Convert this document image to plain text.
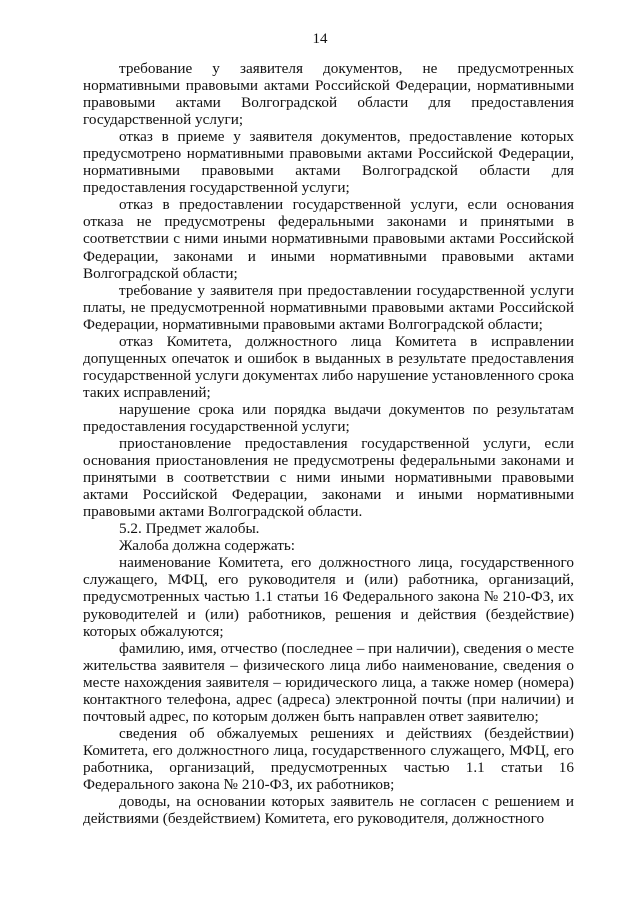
14

требование у заявителя документов, не предусмотренных нормативными правовыми актами Российской Федерации, нормативными правовыми актами Волгоградской области для предоставления государственной услуги;

отказ в приеме у заявителя документов, предоставление которых предусмотрено нормативными правовыми актами Российской Федерации, нормативными правовыми актами Волгоградской области для предоставления государственной услуги;

отказ в предоставлении государственной услуги, если основания отказа не предусмотрены федеральными законами и принятыми в соответствии с ними иными нормативными правовыми актами Российской Федерации, законами и иными нормативными правовыми актами Волгоградской области;

требование у заявителя при предоставлении государственной услуги платы, не предусмотренной нормативными правовыми актами Российской Федерации, нормативными правовыми актами Волгоградской области;

отказ Комитета, должностного лица Комитета в исправлении допущенных опечаток и ошибок в выданных в результате предоставления государственной услуги документах либо нарушение установленного срока таких исправлений;

нарушение срока или порядка выдачи документов по результатам предоставления государственной услуги;

приостановление предоставления государственной услуги, если основания приостановления не предусмотрены федеральными законами и принятыми в соответствии с ними иными нормативными правовыми актами Российской Федерации, законами и иными нормативными правовыми актами Волгоградской области.

5.2. Предмет жалобы.

Жалоба должна содержать:

наименование Комитета, его должностного лица, государственного служащего, МФЦ, его руководителя и (или) работника, организаций, предусмотренных частью 1.1 статьи 16 Федерального закона № 210-ФЗ, их руководителей и (или) работников, решения и действия (бездействие) которых обжалуются;

фамилию, имя, отчество (последнее – при наличии), сведения о месте жительства заявителя – физического лица либо наименование, сведения о месте нахождения заявителя – юридического лица, а также номер (номера) контактного телефона, адрес (адреса) электронной почты (при наличии) и почтовый адрес, по которым должен быть направлен ответ заявителю;

сведения об обжалуемых решениях и действиях (бездействии) Комитета, его должностного лица, государственного служащего, МФЦ, его работника, организаций, предусмотренных частью 1.1 статьи 16 Федерального закона № 210-ФЗ, их работников;

доводы, на основании которых заявитель не согласен с решением и действиями (бездействием) Комитета, его руководителя, должностного
